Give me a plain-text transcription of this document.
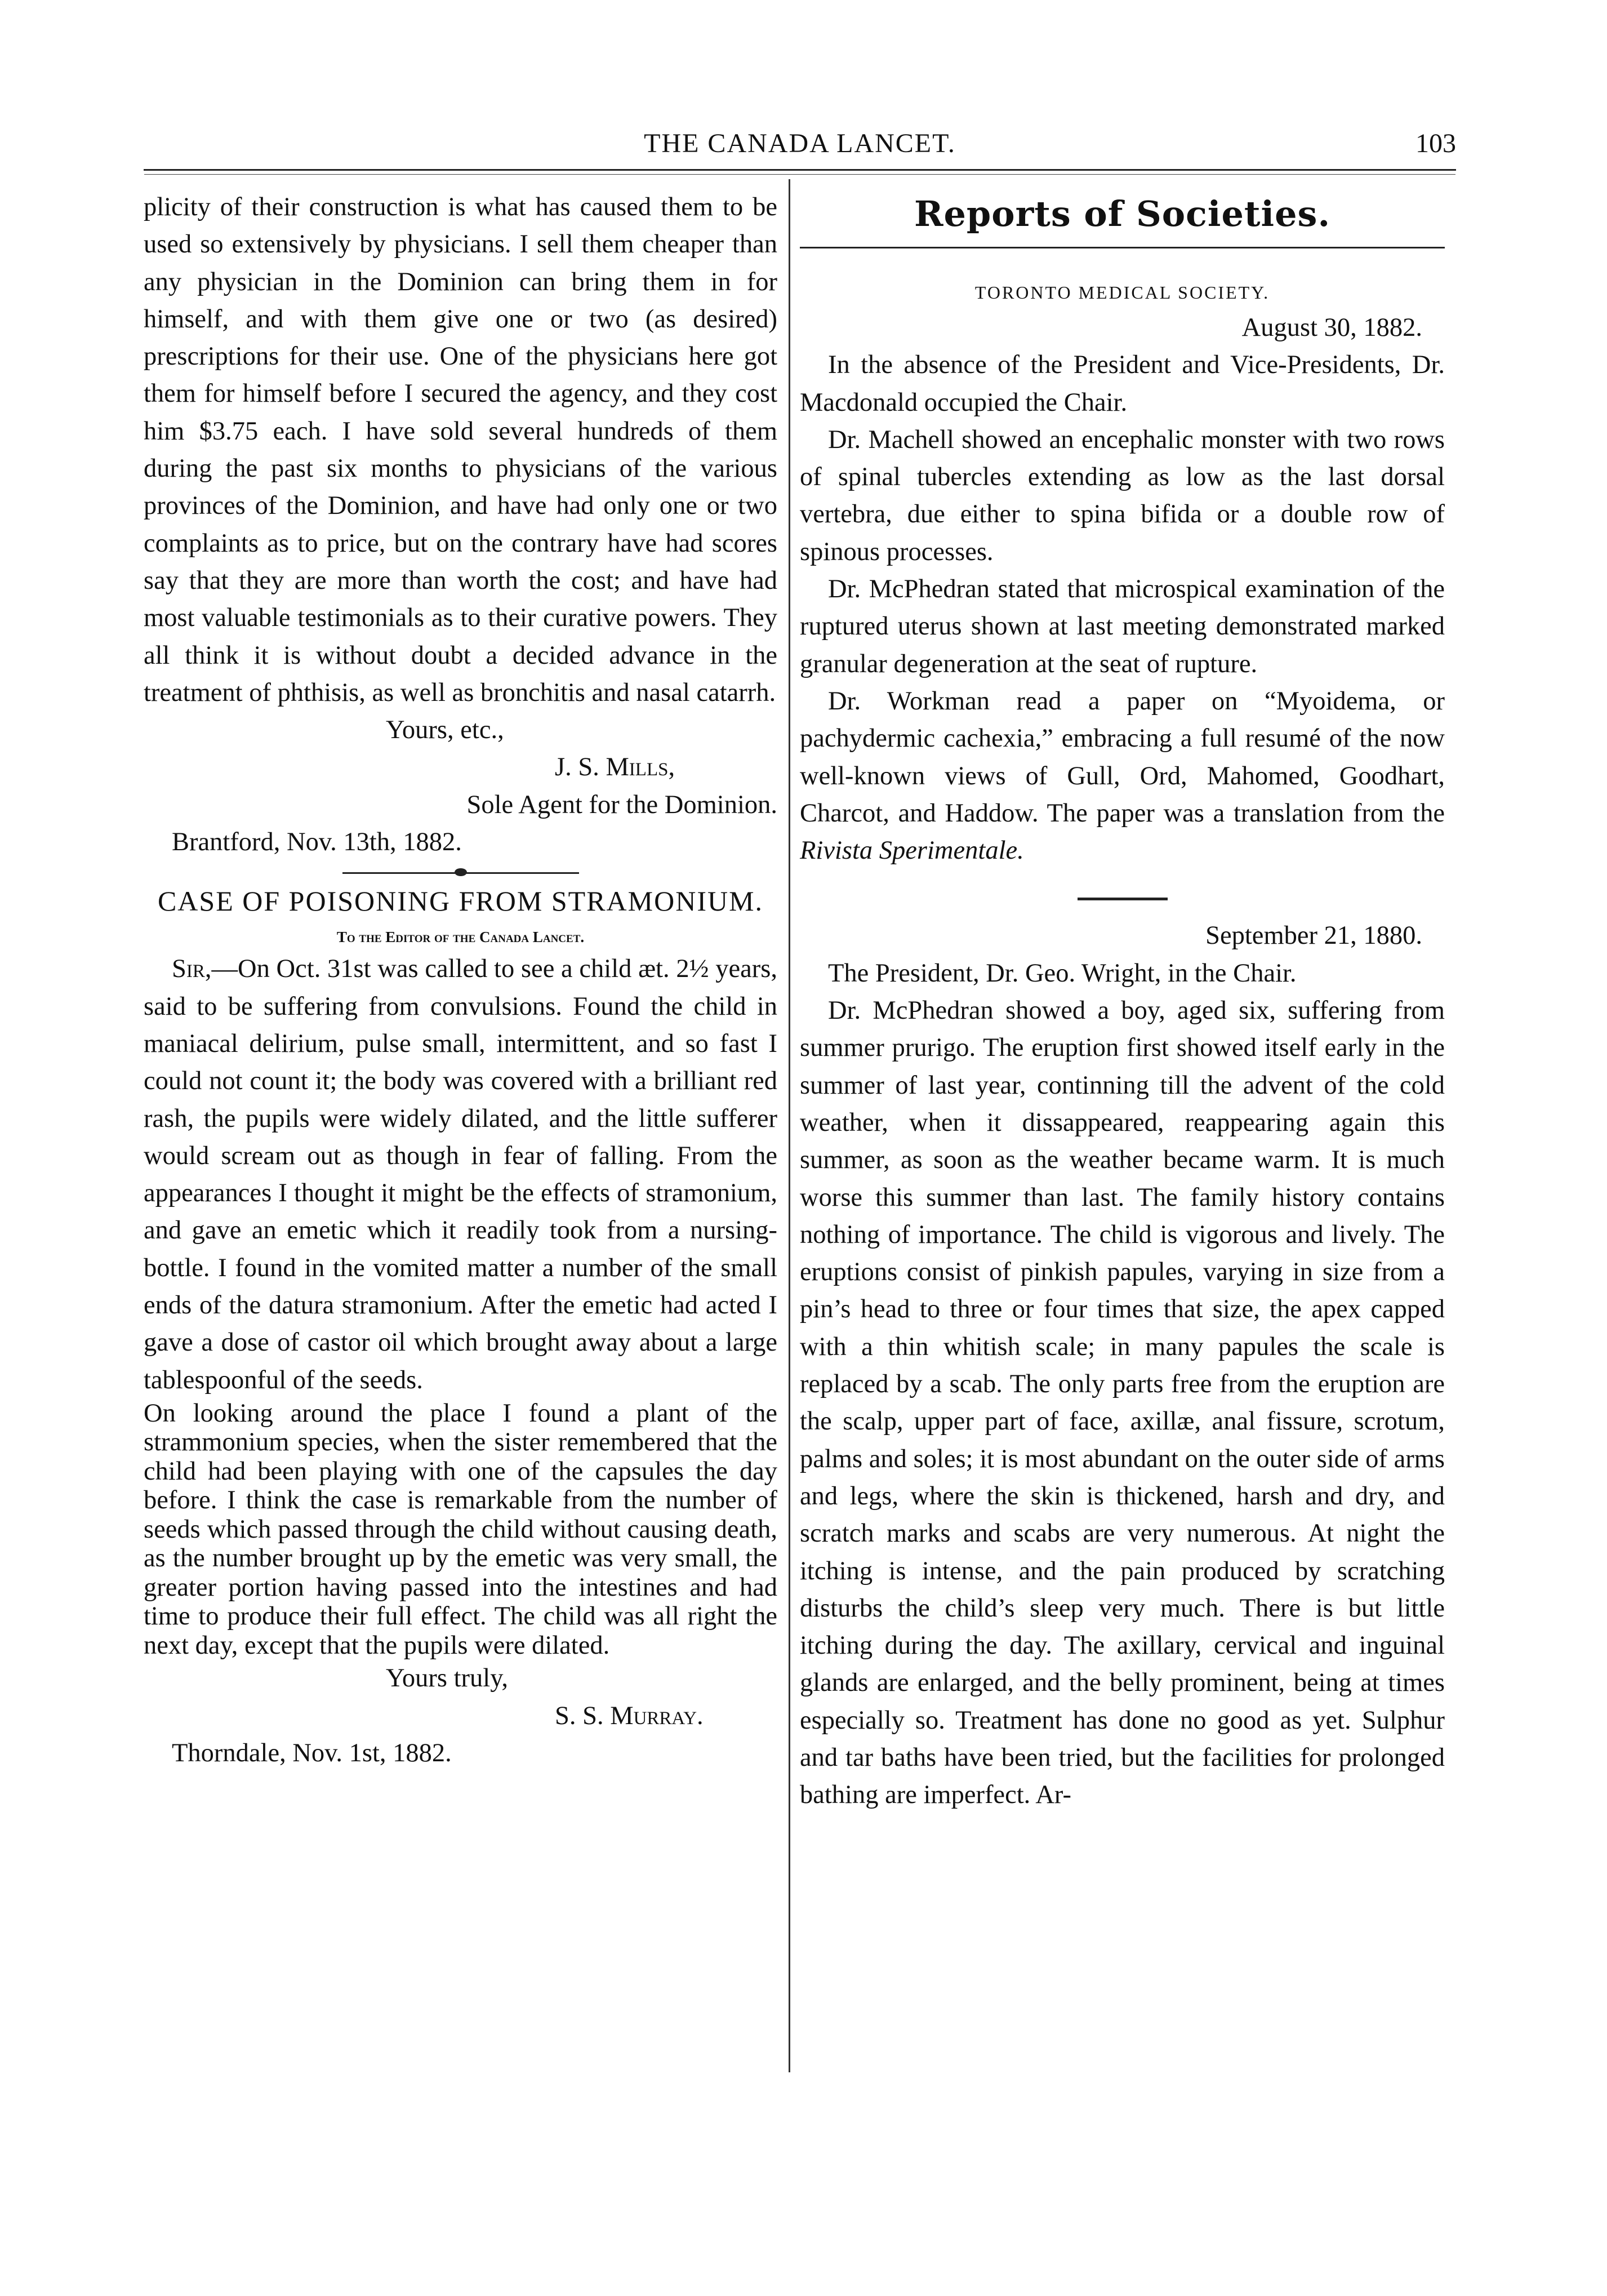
THE CANADA LANCET.	103

plicity of their construction is what has caused them to be used so extensively by physicians. I sell them cheaper than any physician in the Dominion can bring them in for himself, and with them give one or two (as desired) prescriptions for their use. One of the physicians here got them for himself before I secured the agency, and they cost him $3.75 each. I have sold several hundreds of them during the past six months to physicians of the various provinces of the Dominion, and have had only one or two complaints as to price, but on the contrary have had scores say that they are more than worth the cost; and have had most valuable testimonials as to their curative powers. They all think it is without doubt a decided advance in the treatment of phthisis, as well as bronchitis and nasal catarrh.

Yours, etc.,

J. S. Mills,

Sole Agent for the Dominion.

Brantford, Nov. 13th, 1882.

CASE OF POISONING FROM STRAMONIUM.
To the Editor of the Canada Lancet.

Sir,—On Oct. 31st was called to see a child æt. 2½ years, said to be suffering from convulsions. Found the child in maniacal delirium, pulse small, intermittent, and so fast I could not count it; the body was covered with a brilliant red rash, the pupils were widely dilated, and the little sufferer would scream out as though in fear of falling. From the appearances I thought it might be the effects of stramonium, and gave an emetic which it readily took from a nursing-bottle. I found in the vomited matter a number of the small ends of the datura stramonium. After the emetic had acted I gave a dose of castor oil which brought away about a large tablespoonful of the seeds.

On looking around the place I found a plant of the strammonium species, when the sister remembered that the child had been playing with one of the capsules the day before. I think the case is remarkable from the number of seeds which passed through the child without causing death, as the number brought up by the emetic was very small, the greater portion having passed into the intestines and had time to produce their full effect. The child was all right the next day, except that the pupils were dilated.

Yours truly,

S. S. Murray.

Thorndale, Nov. 1st, 1882.

Reports of Societies.
TORONTO MEDICAL SOCIETY.

August 30, 1882.

In the absence of the President and Vice-Presidents, Dr. Macdonald occupied the Chair.

Dr. Machell showed an encephalic monster with two rows of spinal tubercles extending as low as the last dorsal vertebra, due either to spina bifida or a double row of spinous processes.

Dr. McPhedran stated that microspical examination of the ruptured uterus shown at last meeting demonstrated marked granular degeneration at the seat of rupture.

Dr. Workman read a paper on “Myoidema, or pachydermic cachexia,” embracing a full resumé of the now well-known views of Gull, Ord, Mahomed, Goodhart, Charcot, and Haddow. The paper was a translation from the Rivista Sperimentale.

September 21, 1880.

The President, Dr. Geo. Wright, in the Chair.

Dr. McPhedran showed a boy, aged six, suffering from summer prurigo. The eruption first showed itself early in the summer of last year, continning till the advent of the cold weather, when it dissappeared, reappearing again this summer, as soon as the weather became warm. It is much worse this summer than last. The family history contains nothing of importance. The child is vigorous and lively. The eruptions consist of pinkish papules, varying in size from a pin’s head to three or four times that size, the apex capped with a thin whitish scale; in many papules the scale is replaced by a scab. The only parts free from the eruption are the scalp, upper part of face, axillæ, anal fissure, scrotum, palms and soles; it is most abundant on the outer side of arms and legs, where the skin is thickened, harsh and dry, and scratch marks and scabs are very numerous. At night the itching is intense, and the pain produced by scratching disturbs the child’s sleep very much. There is but little itching during the day. The axillary, cervical and inguinal glands are enlarged, and the belly prominent, being at times especially so. Treatment has done no good as yet. Sulphur and tar baths have been tried, but the facilities for prolonged bathing are imperfect. Ar-
